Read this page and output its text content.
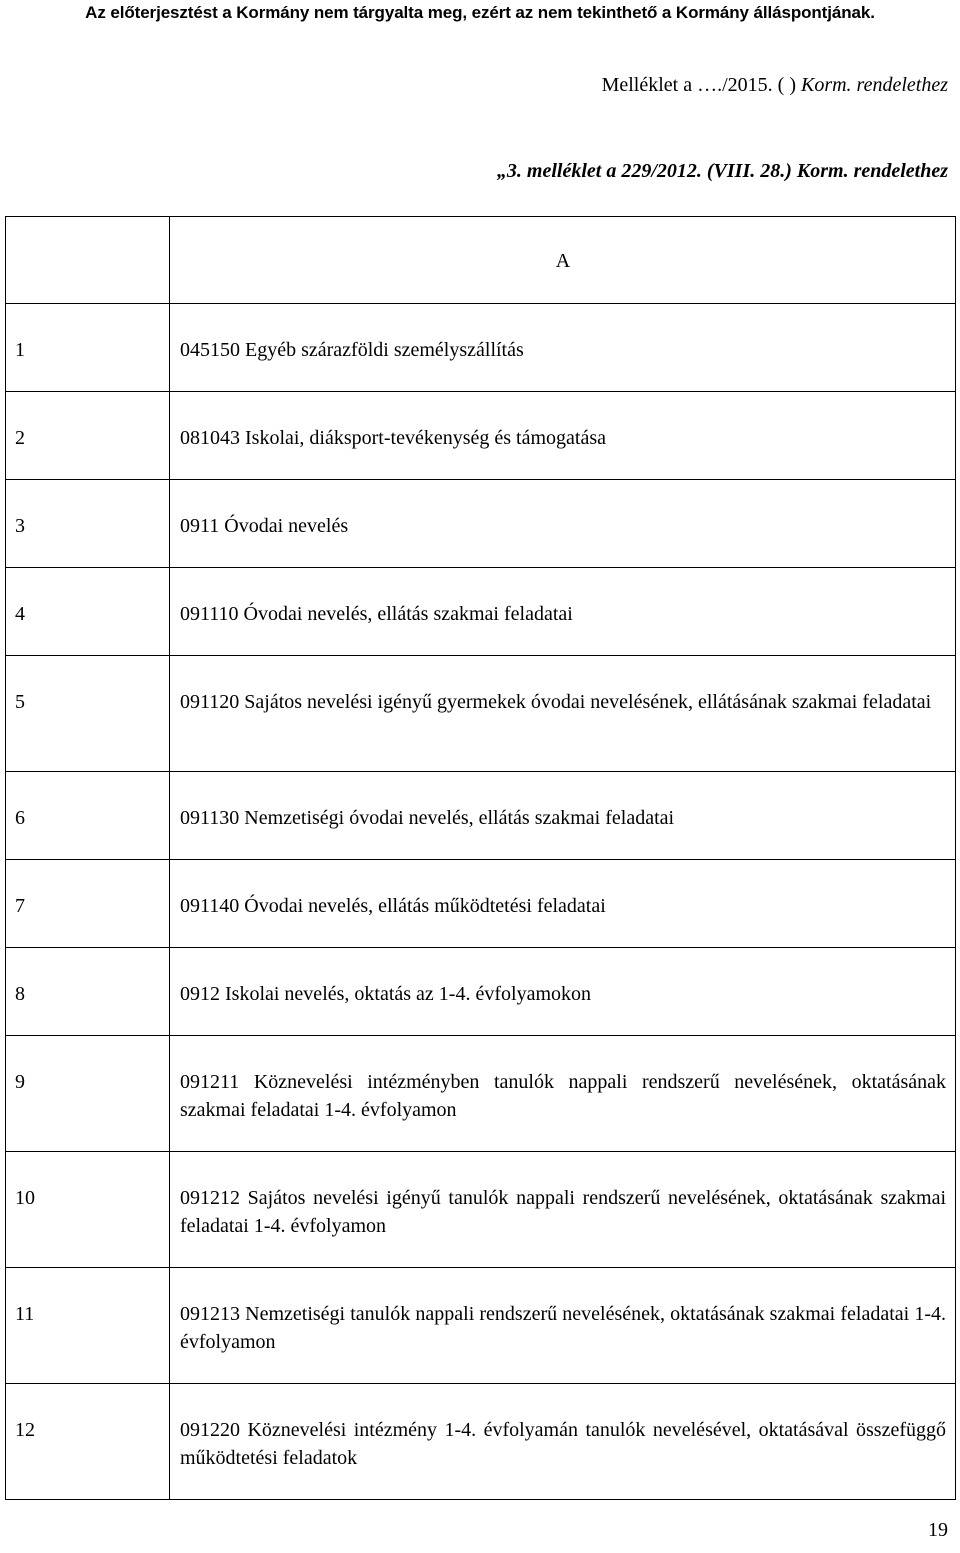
Az előterjesztést a Kormány nem tárgyalta meg, ezért az nem tekinthető a Kormány álláspontjának.
Melléklet a …./2015. ( ) Korm. rendelethez
„3. melléklet a 229/2012. (VIII. 28.) Korm. rendelethez
	A

1	045150 Egyéb szárazföldi személyszállítás

2	081043 Iskolai, diáksport-tevékenység és támogatása

3	0911 Óvodai nevelés

4	091110 Óvodai nevelés, ellátás szakmai feladatai

5	091120 Sajátos nevelési igényű gyermekek óvodai nevelésének, ellátásának szakmai feladatai

6	091130 Nemzetiségi óvodai nevelés, ellátás szakmai feladatai

7	091140 Óvodai nevelés, ellátás működtetési feladatai

8	0912 Iskolai nevelés, oktatás az 1-4. évfolyamokon

9	091211 Köznevelési intézményben tanulók nappali rendszerű nevelésének, oktatásának szakmai feladatai 1-4. évfolyamon

10	091212 Sajátos nevelési igényű tanulók nappali rendszerű nevelésének, oktatásának szakmai feladatai 1-4. évfolyamon

11	091213 Nemzetiségi tanulók nappali rendszerű nevelésének, oktatásának szakmai feladatai 1-4. évfolyamon

12	091220 Köznevelési intézmény 1-4. évfolyamán tanulók nevelésével, oktatásával összefüggő működtetési feladatok
19
